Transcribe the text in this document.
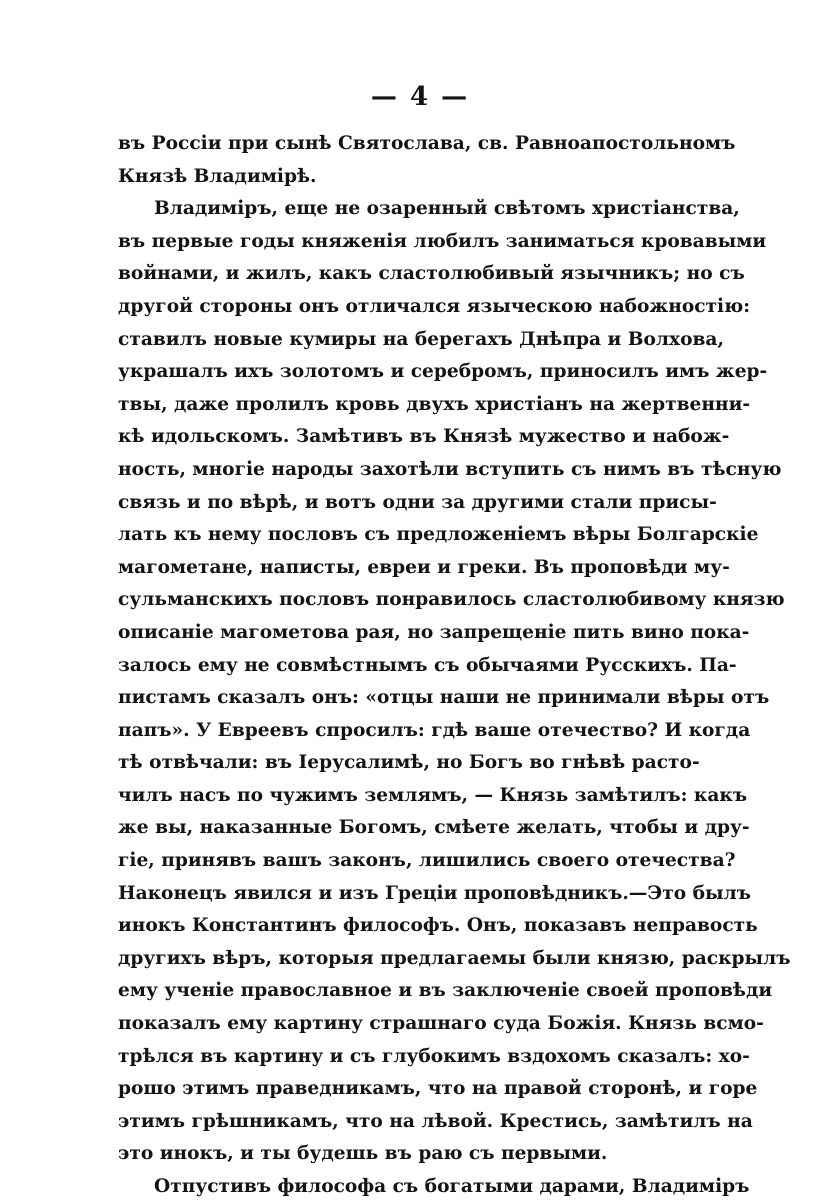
— 4 —
въ Россіи при сынѣ Святослава, св. Равноапостольномъ
Князѣ Владимірѣ.
Владиміръ, еще не озаренный свѣтомъ христіанства,
въ первые годы княженія любилъ заниматься кровавыми
войнами, и жилъ, какъ сластолюбивый язычникъ; но съ
другой стороны онъ отличался языческою набожностію:
ставилъ новые кумиры на берегахъ Днѣпра и Волхова,
украшалъ ихъ золотомъ и серебромъ, приносилъ имъ жер-
твы, даже пролилъ кровь двухъ христіанъ на жертвенни-
кѣ идольскомъ. Замѣтивъ въ Князѣ мужество и набож-
ность, многіе народы захотѣли вступить съ нимъ въ тѣсную
связь и по вѣрѣ, и вотъ одни за другими стали присы-
лать къ нему пословъ съ предложеніемъ вѣры Болгарскіе
магометане, написты, евреи и греки. Въ проповѣди му-
сульманскихъ пословъ понравилось сластолюбивому князю
описаніе магометова рая, но запрещеніе пить вино пока-
залось ему не совмѣстнымъ съ обычаями Русскихъ. Па-
пистамъ сказалъ онъ: «отцы наши не принимали вѣры отъ
папъ». У Евреевъ спросилъ: гдѣ ваше отечество? И когда
тѣ отвѣчали: въ Іерусалимѣ, но Богъ во гнѣвѣ расто-
чилъ насъ по чужимъ землямъ, — Князь замѣтилъ: какъ
же вы, наказанные Богомъ, смѣете желать, чтобы и дру-
гіе, принявъ вашъ законъ, лишились своего отечества?
Наконецъ явился и изъ Греціи проповѣдникъ.—Это былъ
инокъ Константинъ философъ. Онъ, показавъ неправость
другихъ вѣръ, которыя предлагаемы были князю, раскрылъ
ему ученіе православное и въ заключеніе своей проповѣди
показалъ ему картину страшнаго суда Божія. Князь всмо-
трѣлся въ картину и съ глубокимъ вздохомъ сказалъ: хо-
рошо этимъ праведникамъ, что на правой сторонѣ, и горе
этимъ грѣшникамъ, что на лѣвой. Крестись, замѣтилъ на
это инокъ, и ты будешь въ раю съ первыми.
Отпустивъ философа съ богатыми дарами, Владиміръ
